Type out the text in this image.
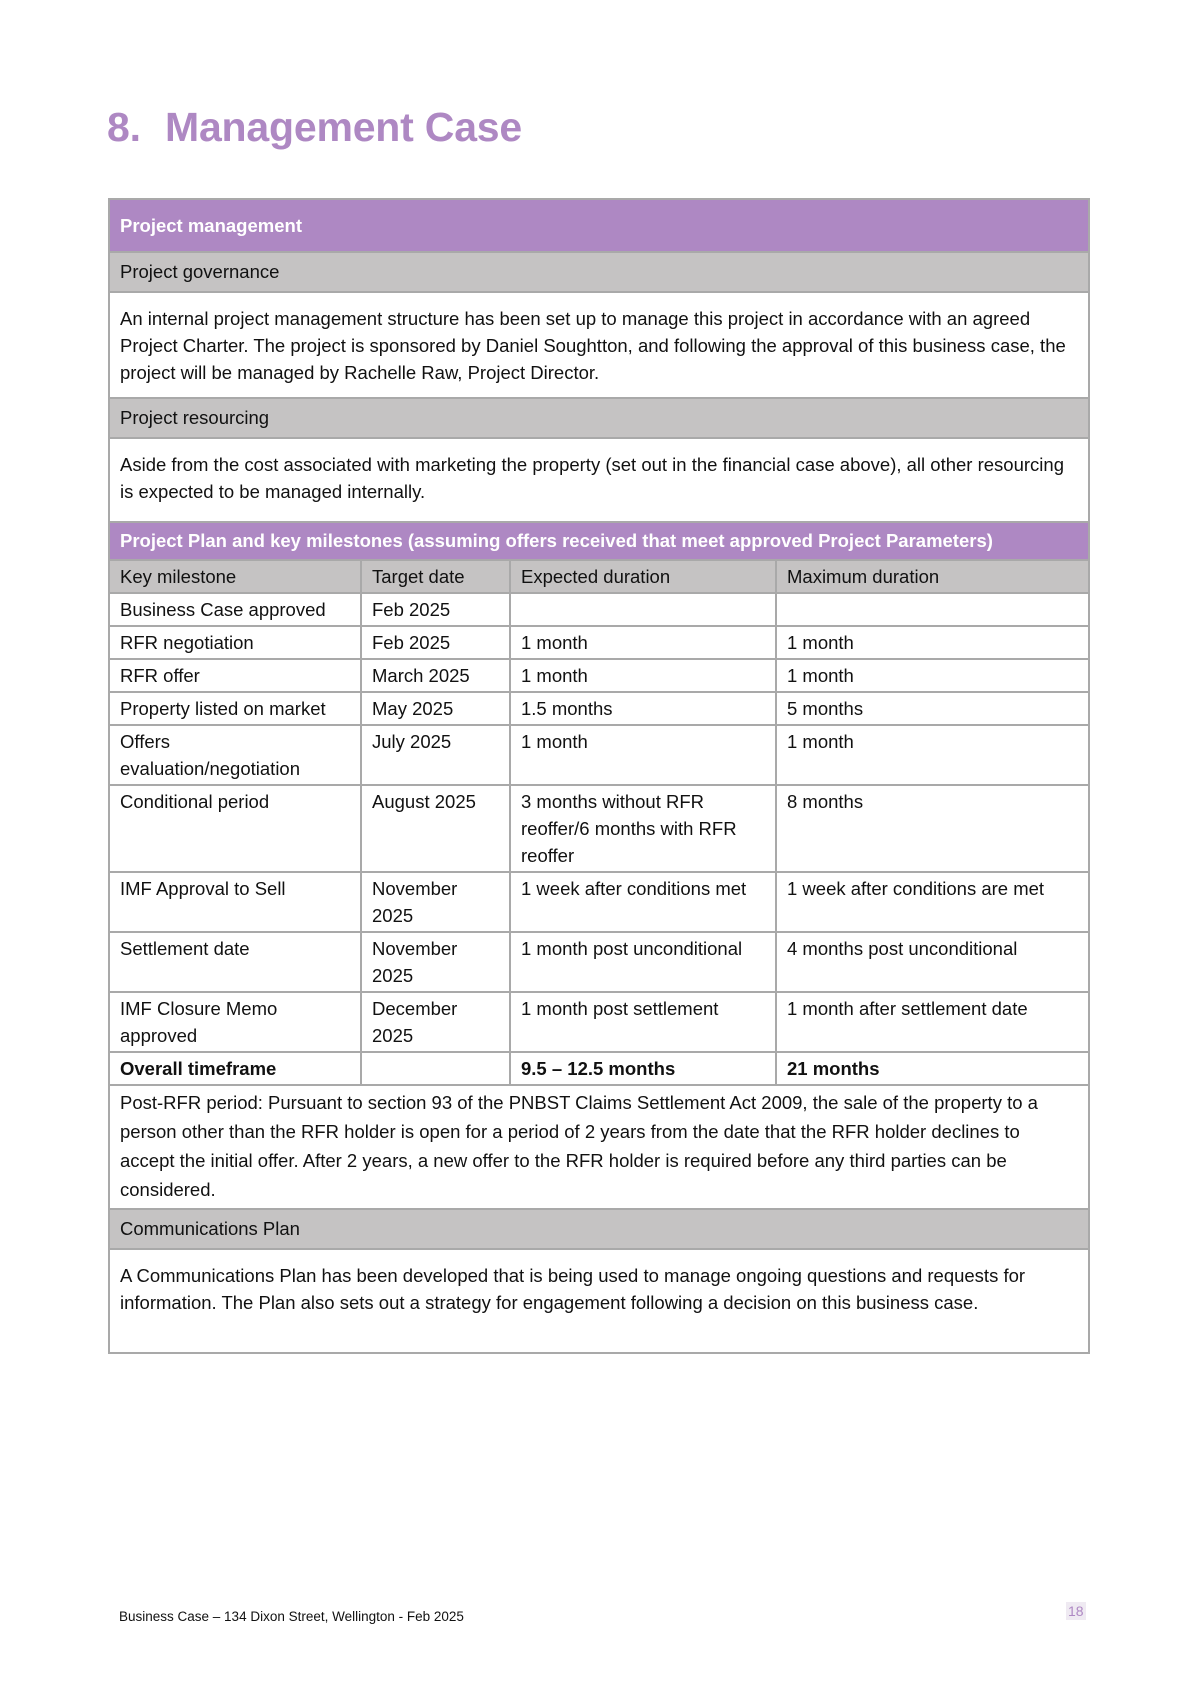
8. Management Case
Project management
Project governance
An internal project management structure has been set up to manage this project in accordance with an agreed Project Charter. The project is sponsored by Daniel Soughtton, and following the approval of this business case, the project will be managed by Rachelle Raw, Project Director.
Project resourcing
Aside from the cost associated with marketing the property (set out in the financial case above), all other resourcing is expected to be managed internally.
Project Plan and key milestones (assuming offers received that meet approved Project Parameters)
Key milestone	Target date	Expected duration	Maximum duration
Business Case approved	Feb 2025		
RFR negotiation	Feb 2025	1 month	1 month
RFR offer	March 2025	1 month	1 month
Property listed on market	May 2025	1.5 months	5 months
Offers evaluation/negotiation	July 2025	1 month	1 month
Conditional period	August 2025	3 months without RFR reoffer/6 months with RFR reoffer	8 months
IMF Approval to Sell	November 2025	1 week after conditions met	1 week after conditions are met
Settlement date	November 2025	1 month post unconditional	4 months post unconditional
IMF Closure Memo approved	December 2025	1 month post settlement	1 month after settlement date
Overall timeframe		9.5 – 12.5 months	21 months
Post-RFR period: Pursuant to section 93 of the PNBST Claims Settlement Act 2009, the sale of the property to a person other than the RFR holder is open for a period of 2 years from the date that the RFR holder declines to accept the initial offer. After 2 years, a new offer to the RFR holder is required before any third parties can be considered.
Communications Plan
A Communications Plan has been developed that is being used to manage ongoing questions and requests for information. The Plan also sets out a strategy for engagement following a decision on this business case.
Business Case – 134 Dixon Street, Wellington - Feb 2025	18
